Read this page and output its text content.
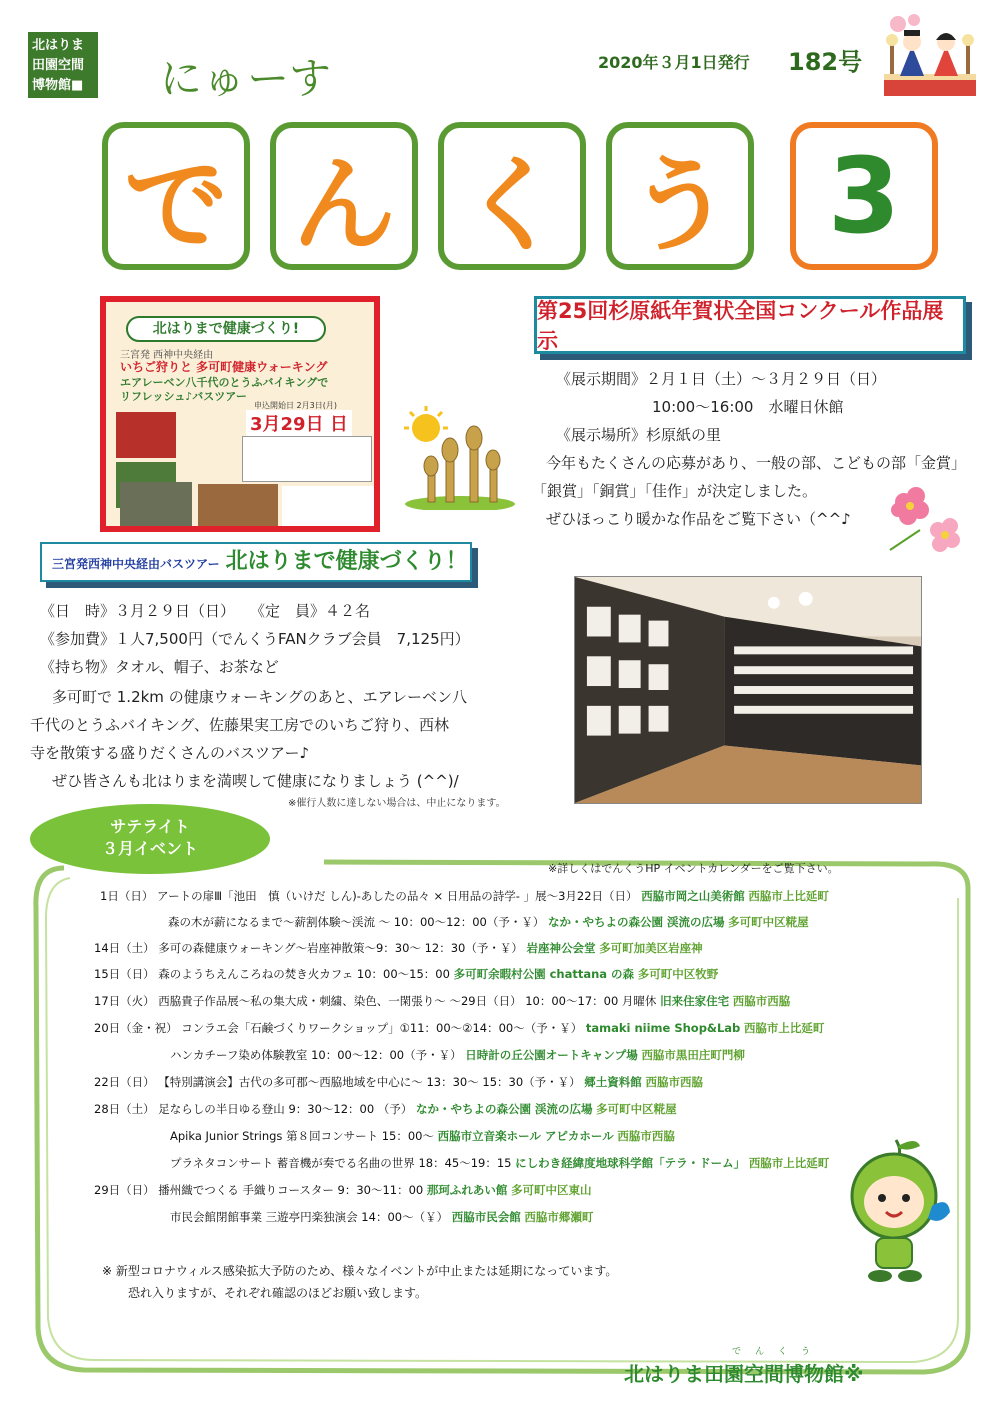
北はりま
田園空間
博物館■ にゅーす	2020年３月1日発行 182号
で ん く う 3
北はりまで健康づくり!
三宮発 西神中央経由
いちご狩りと 多可町健康ウォーキング
エアレーベン八千代のとうふバイキングで
リフレッシュ♪バスツアー
申込開始日 2月3日(月)
3月29日 日
第25回杉原紙年賀状全国コンクール作品展示
《展示期間》２月１日（土）～３月２９日（日）
10:00～16:00　水曜日休館
《展示場所》杉原紙の里
今年もたくさんの応募があり、一般の部、こどもの部「金賞」
「銀賞」「銅賞」「佳作」が決定しました。
ぜひほっこり暖かな作品をご覧下さい（^^♪
三宮発西神中央経由バスツアー 北はりまで健康づくり！
《日　時》３月２９日（日）　　《定　員》４２名
《参加費》１人7,500円（でんくうFANクラブ会員　7,125円）
《持ち物》タオル、帽子、お茶など
多可町で 1.2km の健康ウォーキングのあと、エアレーベン八
千代のとうふバイキング、佐藤果実工房でのいちご狩り、西林
寺を散策する盛りだくさんのバスツアー♪
ぜひ皆さんも北はりまを満喫して健康になりましょう (^^)/
※催行人数に達しない場合は、中止になります。
サテライト
３月イベント
※詳しくはでんくうHP イベントカレンダーをご覧下さい。
1日（日） アートの扉Ⅲ「池田　慎（いけだ しん)-あしたの品々 × 日用品の詩学- 」展～3月22日（日） 西脇市岡之山美術館 西脇市上比延町
森の木が薪になるまで～薪割体験～渓流 ～ 10：00～12：00（予・￥） なか・やちよの森公園 渓流の広場 多可町中区糀屋
14日（土） 多可の森健康ウォーキング～岩座神散策～9：30～ 12：30（予・￥） 岩座神公会堂 多可町加美区岩座神
15日（日） 森のようちえんころねの焚き火カフェ 10：00～15：00 多可町余暇村公園 chattana の森 多可町中区牧野
17日（火） 西脇貴子作品展～私の集大成・刺繍、染色、一閑張り～ ～29日（日） 10：00～17：00 月曜休 旧来住家住宅 西脇市西脇
20日（金・祝） コンラエ会「石鹸づくりワークショップ」①11：00～②14：00～（予・￥） tamaki niime Shop&Lab 西脇市上比延町
ハンカチーフ染め体験教室 10：00～12：00（予・￥） 日時計の丘公園オートキャンプ場 西脇市黒田庄町門柳
22日（日） 【特別講演会】古代の多可郡～西脇地域を中心に～ 13：30～ 15：30（予・￥） 郷土資料館 西脇市西脇
28日（土） 足ならしの半日ゆる登山 9：30～12：00 （予） なか・やちよの森公園 渓流の広場 多可町中区糀屋
Apika Junior Strings 第８回コンサート 15：00～ 西脇市立音楽ホール アピカホール 西脇市西脇
プラネタコンサート 蓄音機が奏でる名曲の世界 18：45～19：15 にしわき経緯度地球科学館「テラ・ドーム」 西脇市上比延町
29日（日） 播州織でつくる 手織りコースター 9：30～11：00 那珂ふれあい館 多可町中区東山
市民会館閉館事業 三遊亭円楽独演会 14：00～（￥） 西脇市民会館 西脇市郷瀬町
※ 新型コロナウィルス感染拡大予防のため、様々なイベントが中止または延期になっています。
恐れ入りますが、それぞれ確認のほどお願い致します。
でんくう
北はりま田園空間博物館※
